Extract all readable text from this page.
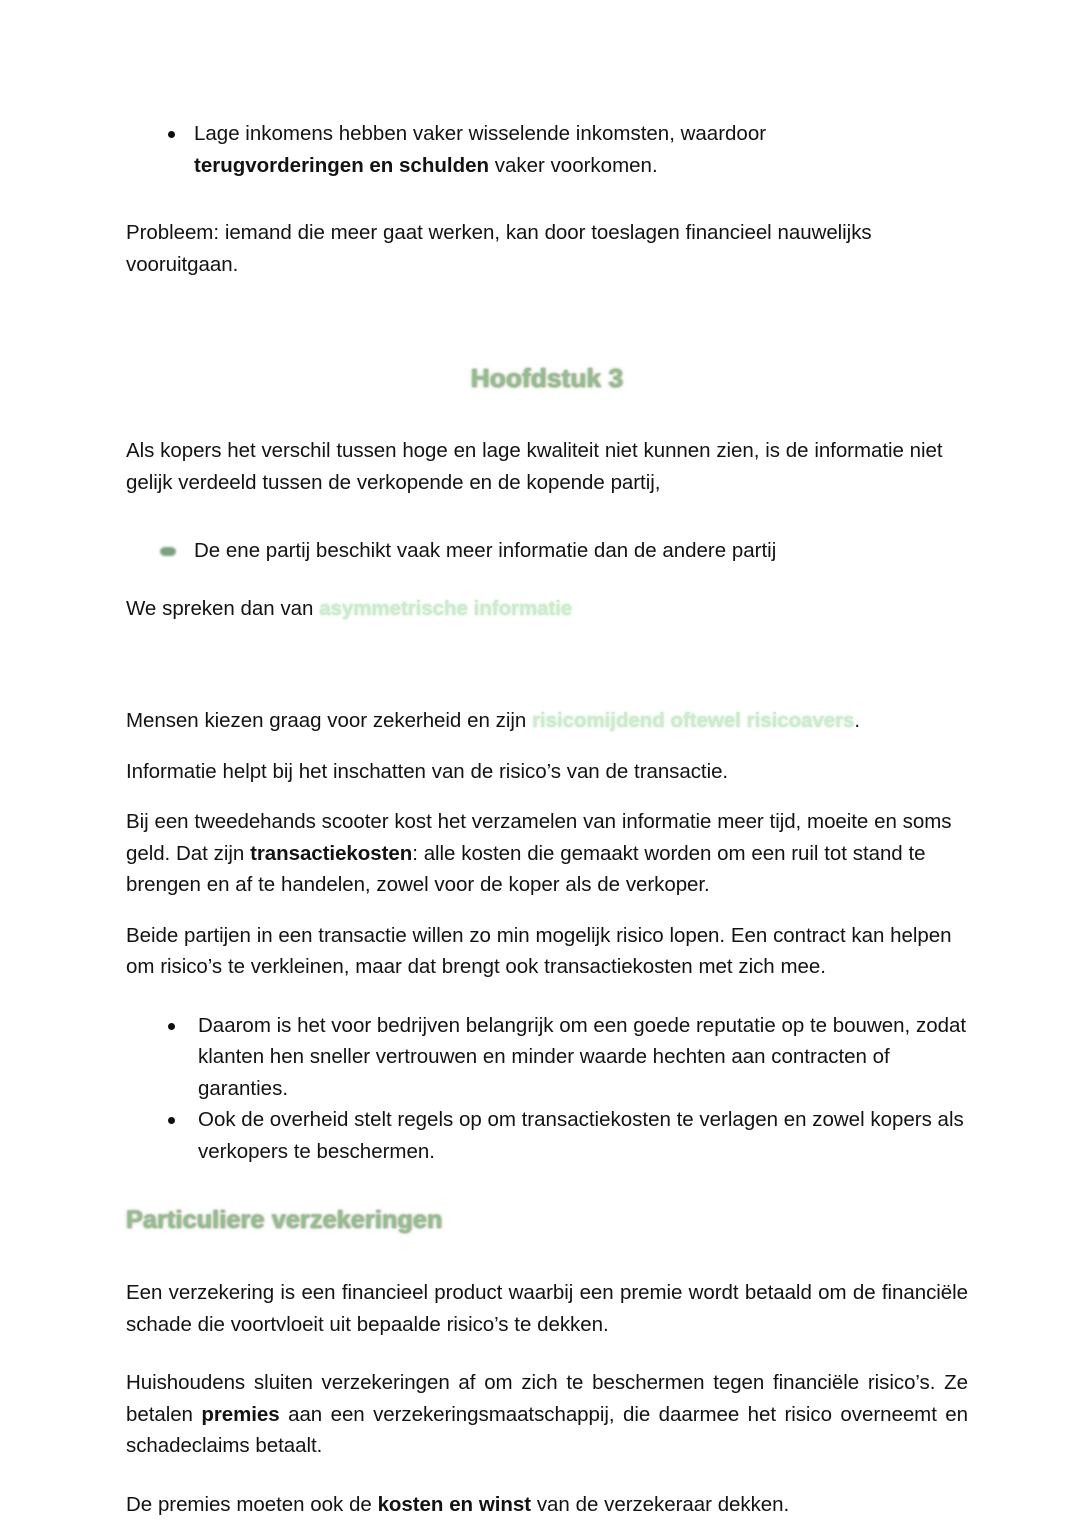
Lage inkomens hebben vaker wisselende inkomsten, waardoor
terugvorderingen en schulden vaker voorkomen.

Probleem: iemand die meer gaat werken, kan door toeslagen financieel nauwelijks vooruitgaan.

Hoofdstuk 3

Als kopers het verschil tussen hoge en lage kwaliteit niet kunnen zien, is de informatie niet gelijk verdeeld tussen de verkopende en de kopende partij,

De ene partij beschikt vaak meer informatie dan de andere partij

We spreken dan van asymmetrische informatie

Mensen kiezen graag voor zekerheid en zijn risicomijdend oftewel risicoavers.

Informatie helpt bij het inschatten van de risico’s van de transactie.

Bij een tweedehands scooter kost het verzamelen van informatie meer tijd, moeite en soms geld. Dat zijn transactiekosten: alle kosten die gemaakt worden om een ruil tot stand te brengen en af te handelen, zowel voor de koper als de verkoper.

Beide partijen in een transactie willen zo min mogelijk risico lopen. Een contract kan helpen om risico’s te verkleinen, maar dat brengt ook transactiekosten met zich mee.

Daarom is het voor bedrijven belangrijk om een goede reputatie op te bouwen, zodat klanten hen sneller vertrouwen en minder waarde hechten aan contracten of garanties.
Ook de overheid stelt regels op om transactiekosten te verlagen en zowel kopers als verkopers te beschermen.
Particuliere verzekeringen

Een verzekering is een financieel product waarbij een premie wordt betaald om de financiële schade die voortvloeit uit bepaalde risico’s te dekken.

Huishoudens sluiten verzekeringen af om zich te beschermen tegen financiële risico’s. Ze betalen premies aan een verzekeringsmaatschappij, die daarmee het risico overneemt en schadeclaims betaalt.

De premies moeten ook de kosten en winst van de verzekeraar dekken.
